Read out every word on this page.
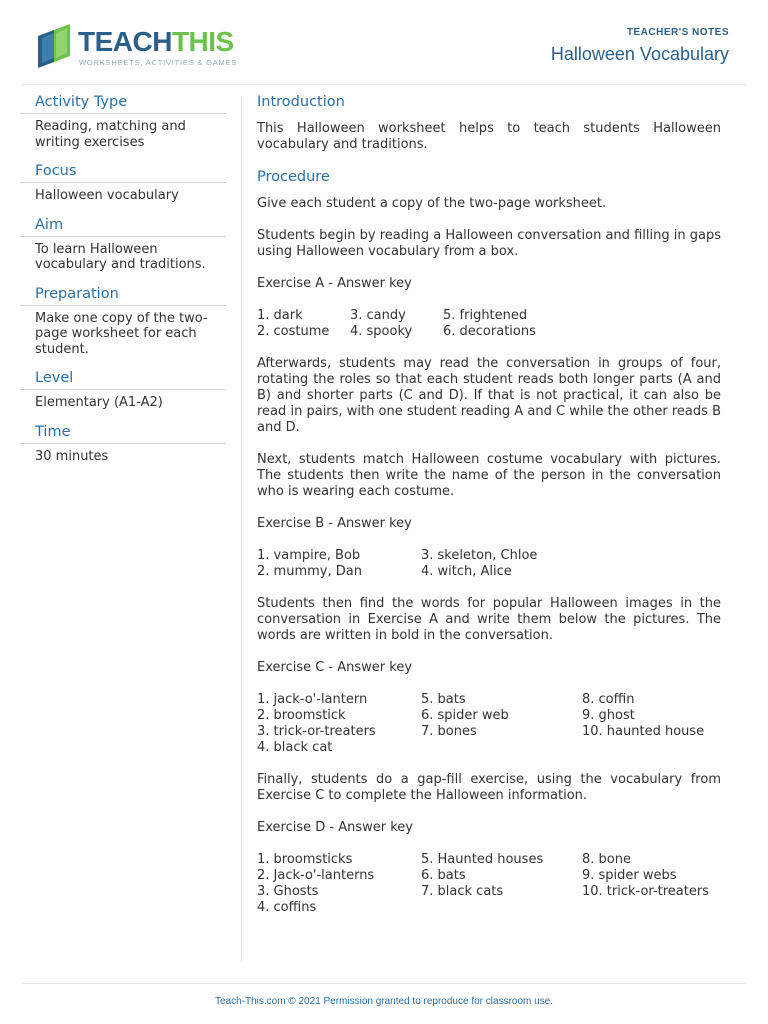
TEACHTHIS
WORKSHEETS, ACTIVITIES & GAMES
TEACHER'S NOTES
Halloween Vocabulary
Activity Type
Reading, matching and writing exercises
Focus
Halloween vocabulary
Aim
To learn Halloween vocabulary and traditions.
Preparation
Make one copy of the two-page worksheet for each student.
Level
Elementary (A1-A2)
Time
30 minutes
Introduction
This Halloween worksheet helps to teach students Halloween vocabulary and traditions.
Procedure
Give each student a copy of the two-page worksheet.
Students begin by reading a Halloween conversation and filling in gaps using Halloween vocabulary from a box.
Exercise A - Answer key
1. dark	3. candy	5. frightened
2. costume	4. spooky	6. decorations
Afterwards, students may read the conversation in groups of four, rotating the roles so that each student reads both longer parts (A and B) and shorter parts (C and D). If that is not practical, it can also be read in pairs, with one student reading A and C while the other reads B and D.
Next, students match Halloween costume vocabulary with pictures. The students then write the name of the person in the conversation who is wearing each costume.
Exercise B - Answer key
1. vampire, Bob	3. skeleton, Chloe
2. mummy, Dan	4. witch, Alice
Students then find the words for popular Halloween images in the conversation in Exercise A and write them below the pictures. The words are written in bold in the conversation.
Exercise C - Answer key
1. jack-o'-lantern	5. bats	8. coffin
2. broomstick	6. spider web	9. ghost
3. trick-or-treaters	7. bones	10. haunted house
4. black cat
Finally, students do a gap-fill exercise, using the vocabulary from Exercise C to complete the Halloween information.
Exercise D - Answer key
1. broomsticks	5. Haunted houses	8. bone
2. Jack-o'-lanterns	6. bats	9. spider webs
3. Ghosts	7. black cats	10. trick-or-treaters
4. coffins
Teach-This.com © 2021 Permission granted to reproduce for classroom use.
